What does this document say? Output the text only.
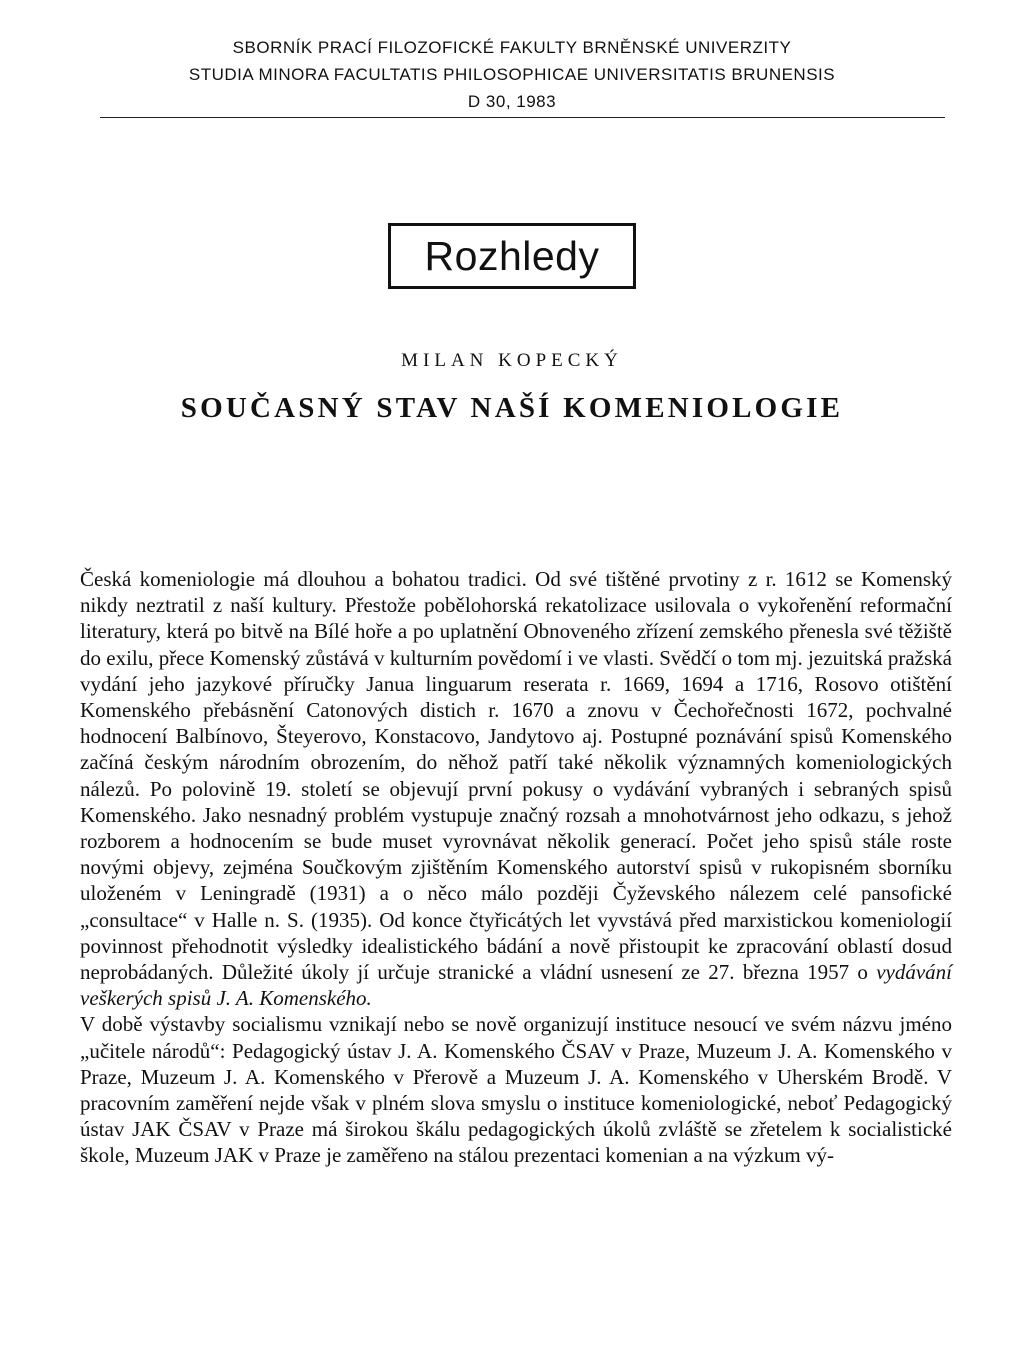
SBORNÍK PRACÍ FILOZOFICKÉ FAKULTY BRNĚNSKÉ UNIVERZITY
STUDIA MINORA FACULTATIS PHILOSOPHICAE UNIVERSITATIS BRUNENSIS
D 30, 1983
Rozhledy
MILAN KOPECKÝ
SOUČASNÝ STAV NAŠÍ KOMENIOLOGIE

Česká komeniologie má dlouhou a bohatou tradici. Od své tištěné prvotiny z r. 1612 se Komenský nikdy neztratil z naší kultury. Přestože pobělohorská rekatolizace usilovala o vykořenění reformační literatury, která po bitvě na Bílé hoře a po uplatnění Obnoveného zřízení zemského přenesla své těžiště do exilu, přece Komenský zůstává v kulturním povědomí i ve vlasti. Svědčí o tom mj. jezuitská pražská vydání jeho jazykové příručky Janua linguarum reserata r. 1669, 1694 a 1716, Rosovo otištění Komenského přebásnění Catonových distich r. 1670 a znovu v Čechořečnosti 1672, pochvalné hodnocení Balbínovo, Šteyerovo, Konstacovo, Jandytovo aj. Postupné poznávání spisů Komenského začíná českým národním obrozením, do něhož patří také několik významných komeniologických nálezů. Po polovině 19. století se objevují první pokusy o vydávání vybraných i sebraných spisů Komenského. Jako nesnadný problém vystupuje značný rozsah a mnohotvárnost jeho odkazu, s jehož rozborem a hodnocením se bude muset vyrovnávat několik generací. Počet jeho spisů stále roste novými objevy, zejména Součkovým zjištěním Komenského autorství spisů v rukopisném sborníku uloženém v Leningradě (1931) a o něco málo později Čyževského nálezem celé pansofické „consultace“ v Halle n. S. (1935). Od konce čtyřicátých let vyvstává před marxistickou komeniologií povinnost přehodnotit výsledky idealistického bádání a nově přistoupit ke zpracování oblastí dosud neprobádaných. Důležité úkoly jí určuje stranické a vládní usnesení ze 27. března 1957 o vydávání veškerých spisů J. A. Komenského.

V době výstavby socialismu vznikají nebo se nově organizují instituce nesoucí ve svém názvu jméno „učitele národů“: Pedagogický ústav J. A. Komenského ČSAV v Praze, Muzeum J. A. Komenského v Praze, Muzeum J. A. Komenského v Přerově a Muzeum J. A. Komenského v Uherském Brodě. V pracovním zaměření nejde však v plném slova smyslu o instituce komeniologické, neboť Pedagogický ústav JAK ČSAV v Praze má širokou škálu pedagogických úkolů zvláště se zřetelem k socialistické škole, Muzeum JAK v Praze je zaměřeno na stálou prezentaci komenian a na výzkum vý-
